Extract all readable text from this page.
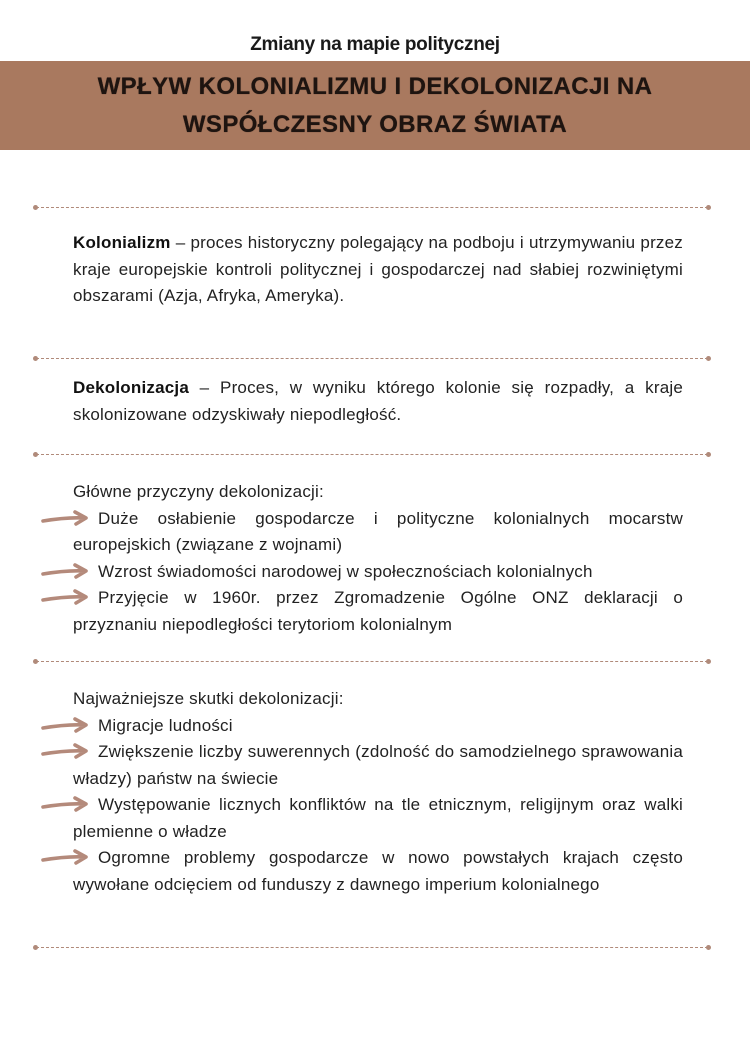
Zmiany na mapie politycznej
WPŁYW KOLONIALIZMU I DEKOLONIZACJI NA
WSPÓŁCZESNY OBRAZ ŚWIATA
Kolonializm – proces historyczny polegający na podboju i utrzymywaniu przez kraje europejskie kontroli politycznej i gospodarczej nad słabiej rozwiniętymi obszarami (Azja, Afryka, Ameryka).
Dekolonizacja – Proces, w wyniku którego kolonie się rozpadły, a kraje skolonizowane odzyskiwały niepodległość.
Główne przyczyny dekolonizacji:
Duże osłabienie gospodarcze i polityczne kolonialnych mocarstw europejskich (związane z wojnami)
Wzrost świadomości narodowej w społecznościach kolonialnych
Przyjęcie w 1960r. przez Zgromadzenie Ogólne ONZ deklaracji o przyznaniu niepodległości terytoriom kolonialnym
Najważniejsze skutki dekolonizacji:
Migracje ludności
Zwiększenie liczby suwerennych (zdolność do samodzielnego sprawowania władzy) państw na świecie
Występowanie licznych konfliktów na tle etnicznym, religijnym oraz walki plemienne o władze
Ogromne problemy gospodarcze w nowo powstałych krajach często wywołane odcięciem od funduszy z dawnego imperium kolonialnego
